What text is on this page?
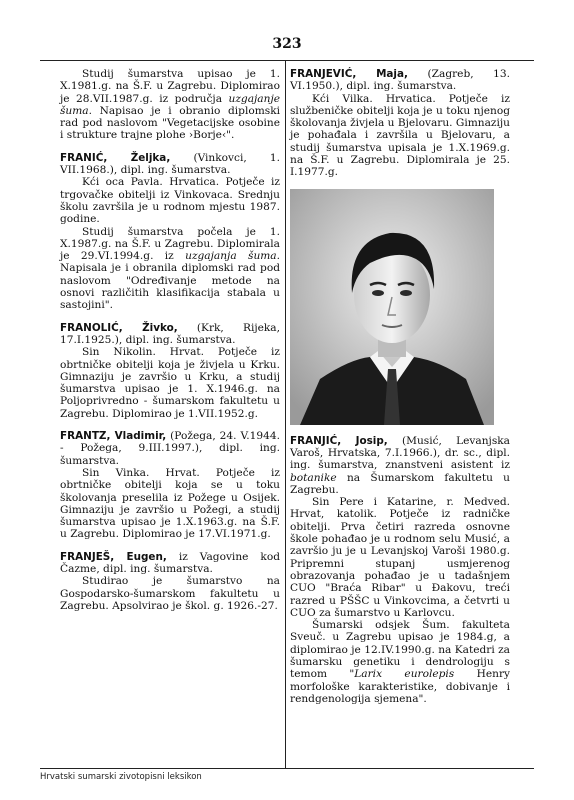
323

Studij šumarstva upisao je 1. X.1981.g. na Š.F. u Zagrebu. Diplomirao je 28.VII.1987.g. iz područja uzgajanje šuma. Napisao je i obranio diplomski rad pod naslovom "Vegetacijske osobine i strukture trajne plohe ›Borje‹".

FRANIĆ, Željka, (Vinkovci, 1. VII.1968.), dipl. ing. šumarstva.

Kći oca Pavla. Hrvatica. Potječe iz trgovačke obitelji iz Vinkovaca. Srednju školu završila je u rodnom mjestu 1987. godine.

Studij šumarstva počela je 1. X.1987.g. na Š.F. u Zagrebu. Diplomirala je 29.VI.1994.g. iz uzgajanja šuma. Napisala je i obranila diplomski rad pod naslovom "Određivanje metode na osnovi različitih klasifikacija stabala u sastojini".

FRANOLIĆ, Živko, (Krk, Rijeka, 17.I.1925.), dipl. ing. šumarstva.

Sin Nikolin. Hrvat. Potječe iz obrtničke obitelji koja je živjela u Krku. Gimnaziju je završio u Krku, a studij šumarstva upisao je 1. X.1946.g. na Poljoprivredno - šumarskom fakultetu u Zagrebu. Diplomirao je 1.VII.1952.g.

FRANTZ, Vladimir, (Požega, 24. V.1944. - Požega, 9.III.1997.), dipl. ing. šumarstva.

Sin Vinka. Hrvat. Potječe iz obrtničke obitelji koja se u toku školovanja preselila iz Požege u Osijek. Gimnaziju je završio u Požegi, a studij šumarstva upisao je 1.X.1963.g. na Š.F. u Zagrebu. Diplomirao je 17.VI.1971.g.

FRANJEŠ, Eugen, iz Vagovine kod Čazme, dipl. ing. šumarstva.

Studirao je šumarstvo na Gospodarsko-šumarskom fakultetu u Zagrebu. Apsolvirao je škol. g. 1926.-27.

FRANJEVIĆ, Maja, (Zagreb, 13. VI.1950.), dipl. ing. šumarstva.

Kći Vilka. Hrvatica. Potječe iz službeničke obitelji koja je u toku njenog školovanja živjela u Bjelovaru. Gimnaziju je pohađala i završila u Bjelovaru, a studij šumarstva upisala je 1.X.1969.g. na Š.F. u Zagrebu. Diplomirala je 25. I.1977.g.

FRANJIĆ, Josip, (Musić, Levanjska Varoš, Hrvatska, 7.I.1966.), dr. sc., dipl. ing. šumarstva, znanstveni asistent iz botanike na Šumarskom fakultetu u Zagrebu.

Sin Pere i Katarine, r. Medved. Hrvat, katolik. Potječe iz radničke obitelji. Prva četiri razreda osnovne škole pohađao je u rodnom selu Musić, a završio ju je u Levanjskoj Varoši 1980.g. Pripremni stupanj usmjerenog obrazovanja pohađao je u tadašnjem CUO "Braća Ribar" u Đakovu, treći razred u PŠŠC u Vinkovcima, a četvrti u CUO za šumarstvo u Karlovcu.

Šumarski odsjek Šum. fakulteta Sveuč. u Zagrebu upisao je 1984.g, a diplomirao je 12.IV.1990.g. na Katedri za šumarsku genetiku i dendrologiju s temom "Larix eurolepis Henry morfološke karakteristike, dobivanje i rendgenologija sjemena".

Hrvatski sumarski zivotopisni leksikon
